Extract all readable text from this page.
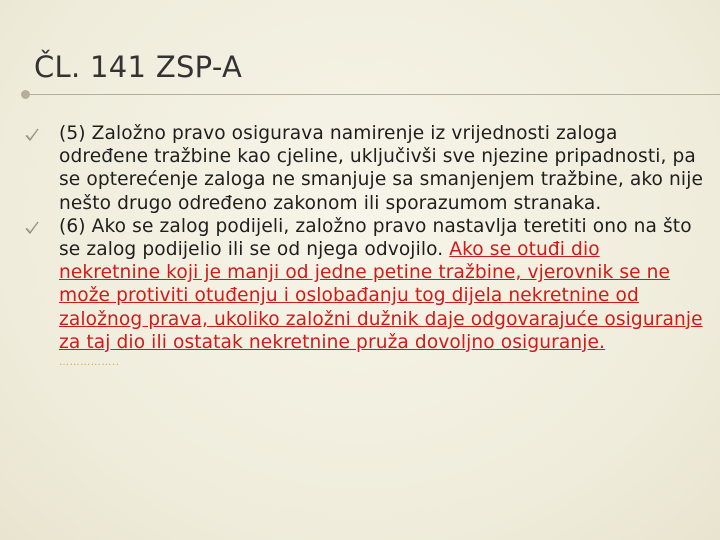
ČL. 141 ZSP-A
(5) Založno pravo osigurava namirenje iz vrijednosti zaloga određene tražbine kao cjeline, uključivši sve njezine pripadnosti, pa se opterećenje zaloga ne smanjuje sa smanjenjem tražbine, ako nije nešto drugo određeno zakonom ili sporazumom stranaka.
(6) Ako se zalog podijeli, založno pravo nastavlja teretiti ono na što se zalog podijelio ili se od njega odvojilo. Ako se otuđi dio nekretnine koji je manji od jedne petine tražbine, vjerovnik se ne može protiviti otuđenju i oslobađanju tog dijela nekretnine od založnog prava, ukoliko založni dužnik daje odgovarajuće osiguranje za taj dio ili ostatak nekretnine pruža dovoljno osiguranje.
……………..
